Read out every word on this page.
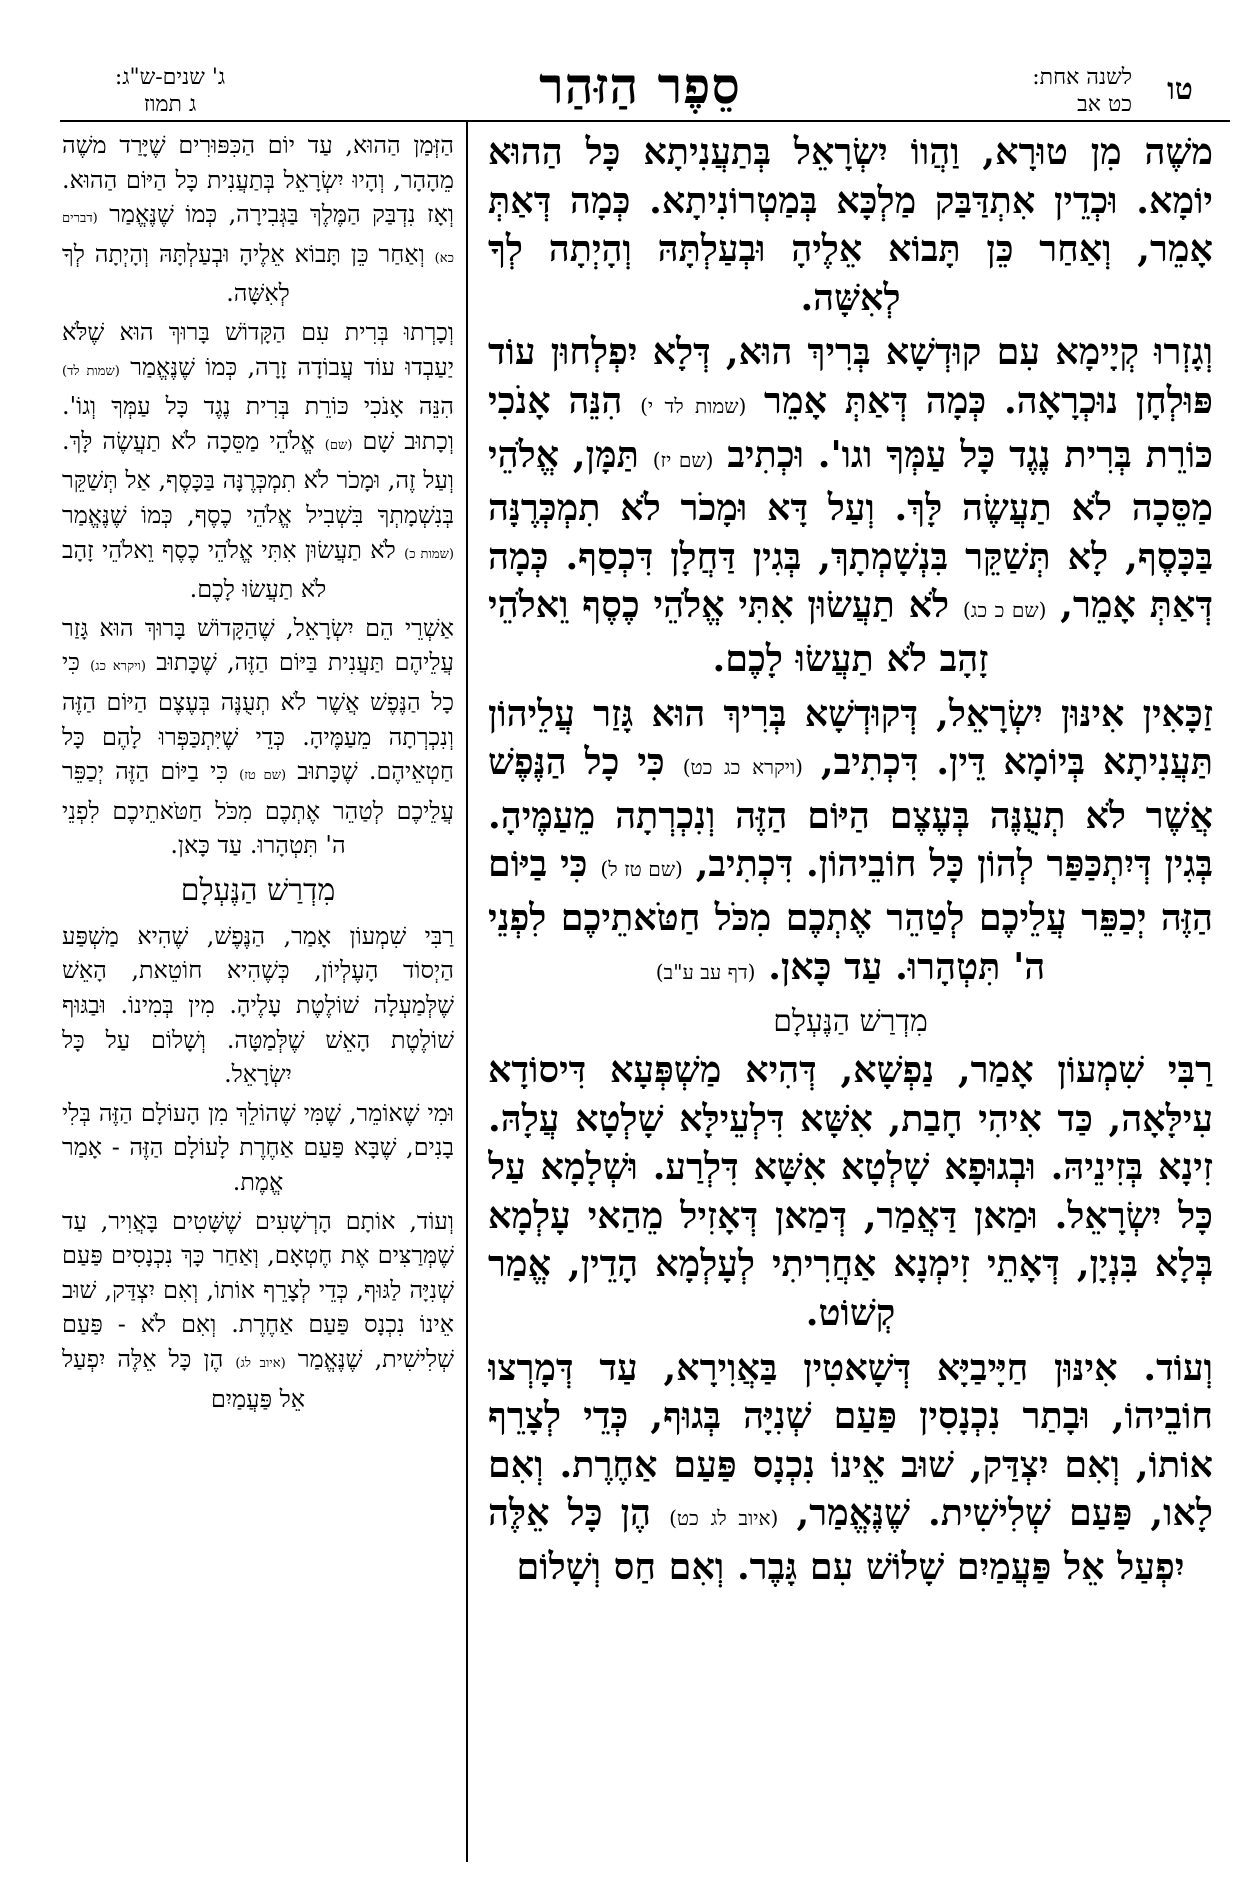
טו
לשנה אחת:
כט אב
סֵפֶר הַזּהַר
ג' שנים-ש"ג:
ג תמוז

משֶׁה מִן טוּרָא, וַהֲווֹ יִשְׂרָאֵל בְּתַעֲנִיתָא כָּל הַהוּא יוֹמָא. וּכְדֵין אִתְדַּבַּק מַלְכָּא בְּמַטְרוֹנִיתָא. כְּמָה דְּאַתְּ אָמֵר, וְאַחַר כֵּן תָּבוֹא אֵלֶיהָ וּבְעַלְתָּהּ וְהָיְתָה לְךָ לְאִשָּׁה.

וְגָזְרוּ קְיָימָא עִם קוּדְשָׁא בְּרִיךְ הוּא, דְּלָא יִפְלְחוּן עוֹד פּוּלְחָן נוּכְרָאָה. כְּמָה דְּאַתְּ אָמֵר (שמות לד י) הִנֵּה אָנֹכִי כּוֹרֵת בְּרִית נֶגֶד כָּל עַמְּךָ וגו'. וּכְתִיב (שם יז) תַּמָּן, אֱלֹהֵי מַסֵּכָה לֹא תַעֲשֶׂה לָּךְ. וְעַל דָּא וּמָכֹר לֹא תִמְכְּרֶנָּה בַּכָּסֶף, לָא תְּשַׁקֵּר בִּנְשָׁמְתָךְ, בְּגִין דַּחֲלָן דִּכְסַף. כְּמָה דְּאַתְּ אָמֵר, (שם כ כג) לֹא תַעֲשׂוּן אִתִּי אֱלֹהֵי כֶסֶף וֵאלֹהֵי זָהָב לֹא תַעֲשׂוּ לָכֶם.

זַכָּאִין אִינּוּן יִשְׂרָאֵל, דְּקוּדְשָׁא בְּרִיךְ הוּא גָּזַר עֲלֵיהוֹן תַּעֲנִיתָא בְּיוֹמָא דֵּין. דִּכְתִיב, (ויקרא כג כט) כִּי כָל הַנֶּפֶשׁ אֲשֶׁר לֹא תְעֻנֶּה בְּעֶצֶם הַיּוֹם הַזֶּה וְנִכְרְתָה מֵעַמֶּיהָ. בְּגִין דְּיִתְכַּפַּר לְהוֹן כָּל חוֹבֵיהוֹן. דִּכְתִיב, (שם טז ל) כִּי בַיּוֹם הַזֶּה יְכַפֵּר עֲלֵיכֶם לְטַהֵר אֶתְכֶם מִכֹּל חַטֹּאתֵיכֶם לִפְנֵי ה' תִּטְהָרוּ. עַד כָּאן. (דף עב ע"ב)

מִדְרַשׁ הַנֶּעְלָם

רַבִּי שִׁמְעוֹן אָמַר, נַפְשָׁא, דְּהִיא מַשְׁפְּעָא דִּיסוֹדָא עִילָּאָה, כַּד אִיהִי חָבַת, אִשָּׁא דִּלְעֵילָּא שָׁלְטָא עֲלָהּ. זִינָא בְּזִינֵיהּ. וּבְגוּפָא שָׁלְטָא אִשָּׁא דִּלְרַע. וּשְׁלָמָא עַל כָּל יִשְׂרָאֵל. וּמַאן דַּאֲמַר, דְּמַאן דְּאָזִיל מֵהַאי עָלְמָא בְּלָא בִּנְיָן, דְּאָתֵי זִימְנָא אַחֲרִיתִי לְעָלְמָא הָדֵין, אֱמַר קְשׁוֹט.

וְעוֹד. אִינּוּן חַיָּיבַיָּא דְּשָׁאטִין בַּאֲוִירָא, עַד דְּמָרְצוּ חוֹבֵיהוֹ, וּבָתַר נִכְנָסִין פַּעַם שְׁנִיָּה בְּגוּף, כְּדֵי לְצָרֵף אוֹתוֹ, וְאִם יִצְדַּק, שׁוּב אֵינוֹ נִכְנָס פַּעַם אַחֶרֶת. וְאִם לָאו, פַּעַם שְׁלִישִׁית. שֶׁנֶּאֱמַר, (איוב לג כט) הֶן כָּל אֵלֶּה יִפְעַל אֵל פַּעֲמַיִם שָׁלוֹשׁ עִם גָּבֶר. וְאִם חַס וְשָׁלוֹם

הַזְּמַן הַהוּא, עַד יוֹם הַכִּפּוּרִים שֶׁיָּרַד משֶׁה מֵהָהָר, וְהָיוּ יִשְׂרָאֵל בְּתַעֲנִית כָּל הַיּוֹם הַהוּא. וְאָז נִדְבַּק הַמֶּלֶךְ בַּגְּבִירָה, כְּמוֹ שֶׁנֶּאֱמַר (דברים כא) וְאַחַר כֵּן תָּבוֹא אֵלֶיהָ וּבְעַלְתָּהּ וְהָיְתָה לְךָ לְאִשָּׁה.

וְכָרְתוּ בְּרִית עִם הַקָּדוֹשׁ בָּרוּךְ הוּא שֶׁלֹּא יַעַבְדוּ עוֹד עֲבוֹדָה זָרָה, כְּמוֹ שֶׁנֶּאֱמַר (שמות לד) הִנֵּה אָנֹכִי כּוֹרֵת בְּרִית נֶגֶד כָּל עַמְּךָ וְגוֹ'. וְכָתוּב שָׁם (שם) אֱלֹהֵי מַסֵּכָה לֹא תַעֲשֶׂה לָּךְ. וְעַל זֶה, וּמָכֹר לֹא תִמְכְּרֶנָּה בַּכָּסֶף, אַל תְּשַׁקֵּר בְּנִשְׁמָתְךָ בִּשְׁבִיל אֱלֹהֵי כֶסֶף, כְּמוֹ שֶׁנֶּאֱמַר (שמות כ) לֹא תַעֲשׂוּן אִתִּי אֱלֹהֵי כֶסֶף וֵאלֹהֵי זָהָב לֹא תַעֲשׂוּ לָכֶם.

אַשְׁרֵי הֵם יִשְׂרָאֵל, שֶׁהַקָּדוֹשׁ בָּרוּךְ הוּא גָּזַר עֲלֵיהֶם תַּעֲנִית בַּיּוֹם הַזֶּה, שֶׁכָּתוּב (ויקרא כג) כִּי כָל הַנֶּפֶשׁ אֲשֶׁר לֹא תְעֻנֶּה בְּעֶצֶם הַיּוֹם הַזֶּה וְנִכְרְתָה מֵעַמֶּיהָ. כְּדֵי שֶׁיִּתְכַּפְּרוּ לָהֶם כָּל חַטְאֵיהֶם. שֶׁכָּתוּב (שם טז) כִּי בַיּוֹם הַזֶּה יְכַפֵּר עֲלֵיכֶם לְטַהֵר אֶתְכֶם מִכֹּל חַטֹּאתֵיכֶם לִפְנֵי ה' תִּטְהָרוּ. עַד כָּאן.

מִדְרַשׁ הַנֶּעְלָם

רַבִּי שִׁמְעוֹן אָמַר, הַנֶּפֶשׁ, שֶׁהִיא מַשְׁפַּע הַיְסוֹד הָעֶלְיוֹן, כְּשֶׁהִיא חוֹטֵאת, הָאֵשׁ שֶׁלְּמַעְלָה שׁוֹלֶטֶת עָלֶיהָ. מִין בְּמִינוֹ. וּבַגּוּף שׁוֹלֶטֶת הָאֵשׁ שֶׁלְּמַטָּה. וְשָׁלוֹם עַל כָּל יִשְׂרָאֵל.

וּמִי שֶׁאוֹמֵר, שֶׁמִּי שֶׁהוֹלֵךְ מִן הָעוֹלָם הַזֶּה בְּלִי בָנִים, שֶׁבָּא פַּעַם אַחֶרֶת לָעוֹלָם הַזֶּה - אָמַר אֱמֶת.

וְעוֹד, אוֹתָם הָרְשָׁעִים שֶׁשָּׁטִים בָּאֲוִיר, עַד שֶׁמְּרַצִּים אֶת חֶטְאָם, וְאַחַר כָּךְ נִכְנָסִים פַּעַם שְׁנִיָּה לַגּוּף, כְּדֵי לְצָרֵף אוֹתוֹ, וְאִם יִצְדַּק, שׁוּב אֵינוֹ נִכְנָס פַּעַם אַחֶרֶת. וְאִם לֹא - פַּעַם שְׁלִישִׁית, שֶׁנֶּאֱמַר (איוב לג) הֶן כָּל אֵלֶּה יִפְעַל אֵל פַּעֲמַיִם
